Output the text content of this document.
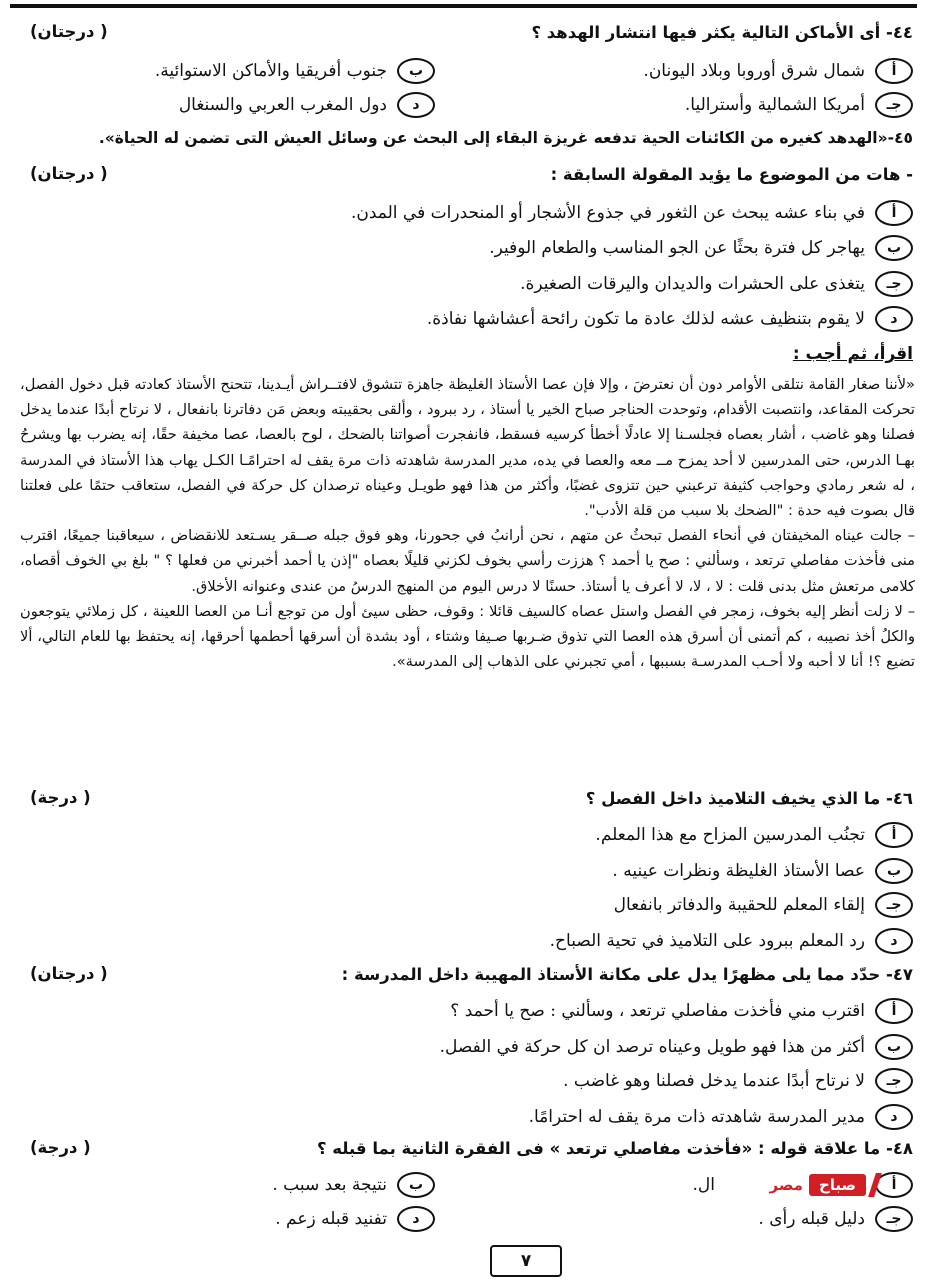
٤٤- أى الأماكن التالية يكثر فيها انتشار الهدهد ؟
( درجتان)
أ
شمال شرق أوروبا وبلاد اليونان.
ب
جنوب أفريقيا والأماكن الاستوائية.
جـ
أمريكا الشمالية وأستراليا.
د
دول المغرب العربي والسنغال
٤٥-«الهدهد كغيره من الكائنات الحية تدفعه غريزة البقاء إلى البحث عن وسائل العيش التى تضمن له الحياة».
- هات من الموضوع ما يؤيد المقولة السابقة :
( درجتان)
أ
في بناء عشه يبحث عن الثغور في جذوع الأشجار أو المنحدرات في المدن.
ب
يهاجر كل فترة بحثًا عن الجو المناسب والطعام الوفير.
جـ
يتغذى على الحشرات والديدان واليرقات الصغيرة.
د
لا يقوم بتنظيف عشه لذلك عادة ما تكون رائحة أعشاشها نفاذة.
اقرأ، ثم أجب :

«لأننا صغار القامة نتلقى الأوامر دون أن نعترضَ ، وإلا فإن عصا الأستاذ الغليظة جاهزة تتشوق لافتــراش أيـدينا، تتحنح الأستاذ كعادته قبل دخول الفصل، تحركت المقاعد، وانتصبت الأقدام، وتوحدت الحناجر صباح الخير يا أستاذ ، رد ببرود ، وألقى بحقيبته وبعض مَن دفاترنا بانفعال ، لا نرتاح أبدًا عندما يدخل فصلنا وهو غاضب ، أشار بعصاه فجلسـنا إلا عادلًا أخطأ كرسيه فسقط، فانفجرت أصواتنا بالضحك ، لوح بالعصا، عصا مخيفة حقًا، إنه يضرب بها ويشرحُ بهـا الدرس، حتى المدرسين لا أحد يمزح مــ معه والعصا في يده، مدير المدرسة شاهدته ذات مرة يقف له احترامًـا الكـل يهاب هذا الأستاذ في المدرسة ، له شعر رمادي وحواجب كثيفة ترعبني حين تتزوى غضبًا، وأكثر من هذا فهو طويـل وعيناه ترصدان كل حركة في الفصل، ستعاقب حتمًا على فعلتنا قال بصوت فيه حدة : "الضحك بلا سبب من قلة الأدب".

– جالت عيناه المخيفتان في أنحاء الفصل تبحثُ عن متهم ، نحن أرانبُ في جحورنا، وهو فوق جبله صــقر يسـتعد للانقضاض ، سيعاقبنا جميعًا، اقترب منى فأخذت مفاصلي ترتعد ، وسألني : صح يا أحمد ؟ هززت رأسي بخوف لكزني قليلًا بعصاه "إذن يا أحمد أخبرني من فعلها ؟ " بلغ بي الخوف أقصاه، كلامى مرتعش مثل بدنى قلت : لا ، لا، لا أعرف يا أستاذ. حسنًا لا درس اليوم من المنهج الدرسُ من عندى وعنوانه الأخلاق.

– لا زلت أنظر إليه بخوف، زمجر في الفصل واستل عصاه كالسيف قائلا : وقوف، حظى سيئ أول من توجع أنـا من العصا اللعينة ، كل زملائي يتوجعون والكلُ أخذ نصيبه ، كم أتمنى أن أسرق هذه العصا التي تذوق ضـربها صـيفا وشتاء ، أود بشدة أن أسرقها أحطمها أحرقها، إنه يحتفظ بها للعام التالي، ألا تضيع ؟! أنا لا أحبه ولا أحـب المدرسـة بسببها ، أمي تجبرني على الذهاب إلى المدرسة».

٤٦- ما الذي يخيف التلاميذ داخل الفصل ؟
( درجة)
أ
تجنُب المدرسين المزاح مع هذا المعلم.
ب
عصا الأستاذ الغليظة ونظرات عينيه .
جـ
إلقاء المعلم للحقيبة والدفاتر بانفعال
د
رد المعلم ببرود على التلاميذ في تحية الصباح.
٤٧- حدّد مما يلى مظهرًا يدل على مكانة الأستاذ المهيبة داخل المدرسة :
( درجتان)
أ
اقترب مني فأخذت مفاصلي ترتعد ، وسألني : صح يا أحمد ؟
ب
أكثر من هذا فهو طويل وعيناه ترصد ان كل حركة في الفصل.
جـ
لا نرتاح أبدًا عندما يدخل فصلنا وهو غاضب .
د
مدير المدرسة شاهدته ذات مرة يقف له احترامًا.
٤٨- ما علاقة قوله : «فأخذت مفاصلي ترتعد » فى الفقرة الثانية بما قبله ؟
( درجة)
أ
ال.
ب
نتيجة بعد سبب .
جـ
دليل قبله رأى .
د
تفنيد قبله زعم .
صباح
مصر
٧
